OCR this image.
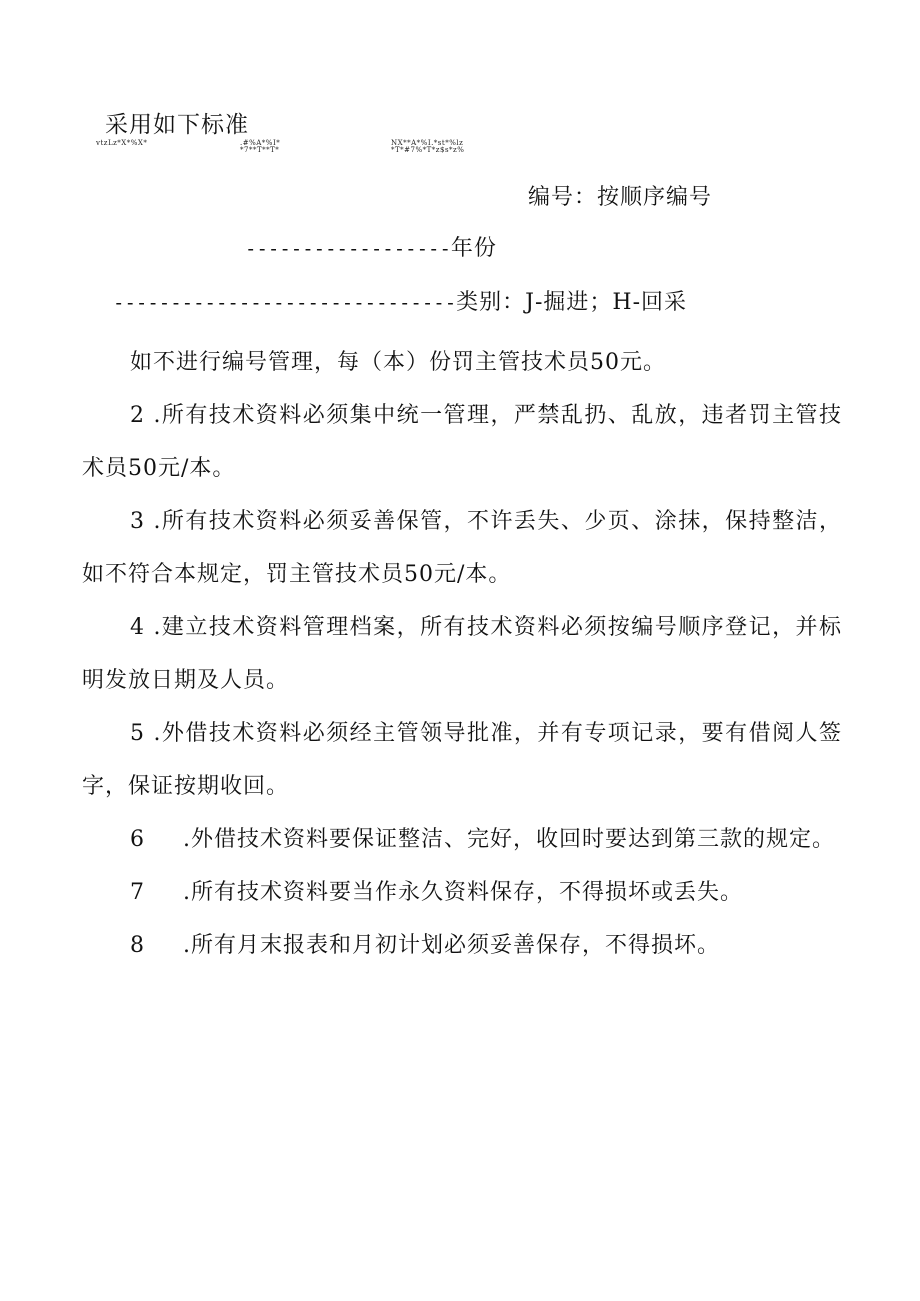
采用如下标准
vtzLz*X*%X*	.#%A*%I*
*7**T**T*
NX**A*%I.*st*%lz
*T*#7%*T*z$s*z%
编号：按顺序编号
------------------年份
------------------------------类别：J-掘进；H-回采

如不进行编号管理，每（本）份罚主管技术员50元。

2 .所有技术资料必须集中统一管理，严禁乱扔、乱放，违者罚主管技术员50元/本。

3 .所有技术资料必须妥善保管，不许丢失、少页、涂抹，保持整洁，如不符合本规定，罚主管技术员50元/本。

4 .建立技术资料管理档案，所有技术资料必须按编号顺序登记，并标明发放日期及人员。

5 .外借技术资料必须经主管领导批准，并有专项记录，要有借阅人签字，保证按期收回。

6 .外借技术资料要保证整洁、完好，收回时要达到第三款的规定。

7 .所有技术资料要当作永久资料保存，不得损坏或丢失。

8 .所有月末报表和月初计划必须妥善保存，不得损坏。
